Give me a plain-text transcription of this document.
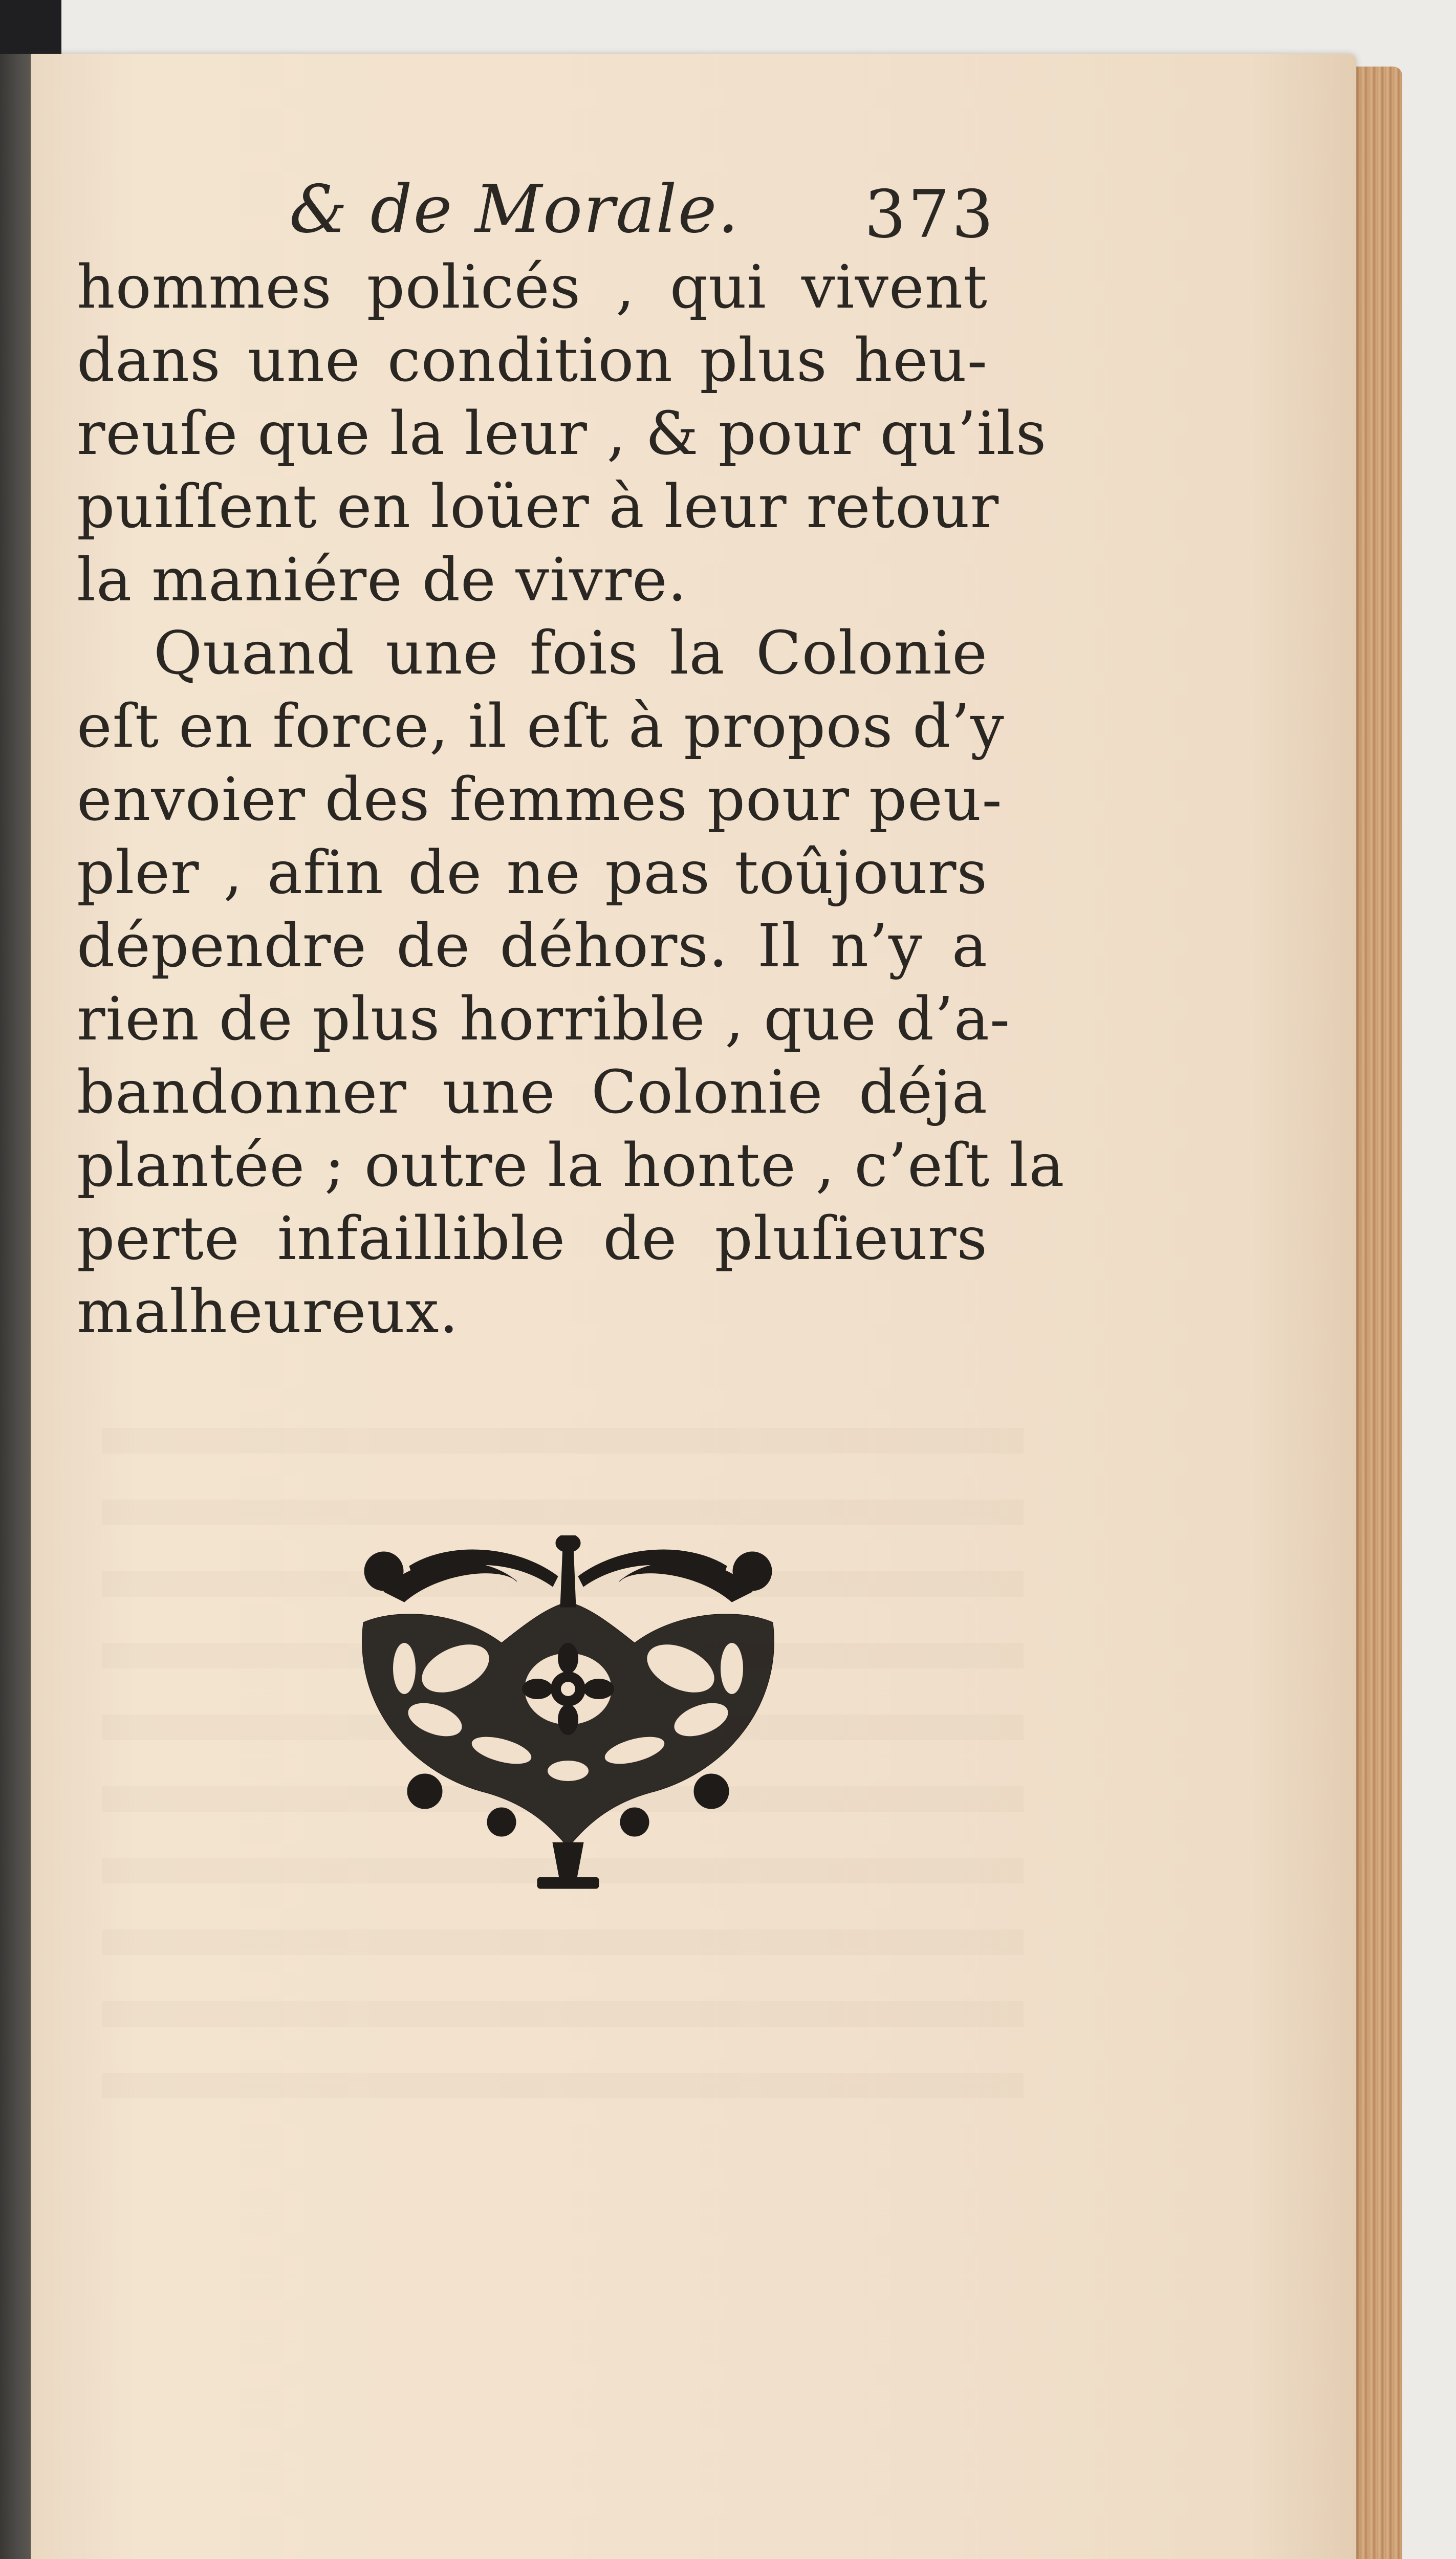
& de Morale. 373
hommes policés , qui vivent
dans une condition plus heu-
reuſe que la leur , & pour qu’ils
puiſſent en loüer à leur retour
la maniére de vivre.
Quand une fois la Colonie
eſt en force, il eſt à propos d’y
envoier des femmes pour peu-
pler , afin de ne pas toûjours
dépendre de déhors. Il n’y a
rien de plus horrible , que d’a-
bandonner une Colonie déja
plantée ; outre la honte , c’eſt la
perte infaillible de pluſieurs
malheureux.
